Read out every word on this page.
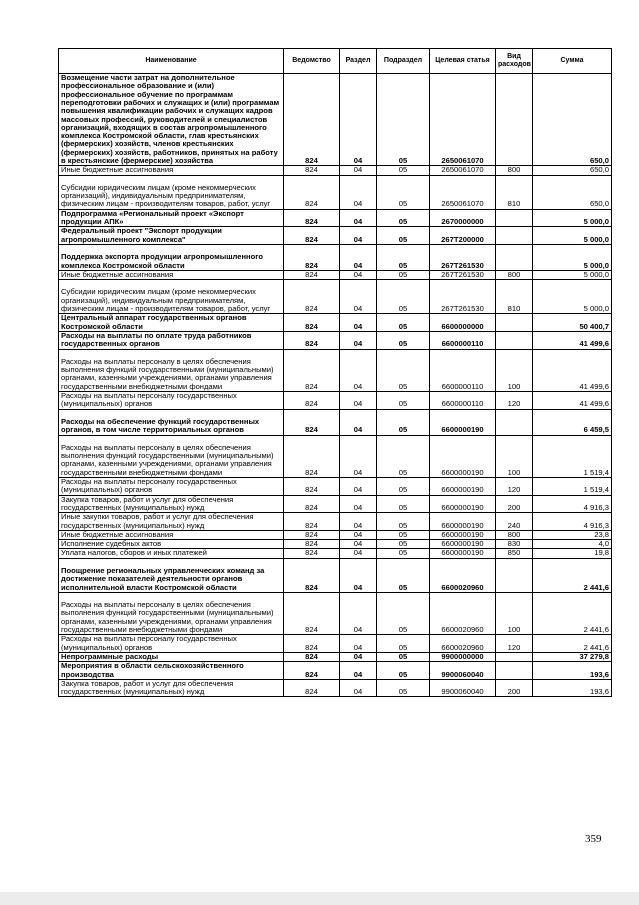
Наименование	Ведомство	Раздел	Подраздел	Целевая статья	Вид расходов	Сумма
Возмещение части затрат на дополнительное профессиональное образование и (или) профессиональное обучение по программам переподготовки рабочих и служащих и (или) программам повышения квалификации рабочих и служащих кадров массовых профессий, руководителей и специалистов организаций, входящих в состав агропромышленного комплекса Костромской области, глав крестьянских (фермерских) хозяйств, членов крестьянских (фермерских) хозяйств, работников, принятых на работу в крестьянские (фермерские) хозяйства	824	04	05	2650061070		650,0
Иные бюджетные ассигнования	824	04	05	2650061070	800	650,0
Субсидии юридическим лицам (кроме некоммерческих организаций), индивидуальным предпринимателям, физическим лицам - производителям товаров, работ, услуг	824	04	05	2650061070	810	650,0
Подпрограмма «Региональный проект «Экспорт продукции АПК»	824	04	05	2670000000		5 000,0
Федеральный проект "Экспорт продукции агропромышленного комплекса"	824	04	05	267T200000		5 000,0
Поддержка экспорта продукции агропромышленного комплекса Костромской области	824	04	05	267T261530		5 000,0
Иные бюджетные ассигнования	824	04	05	267T261530	800	5 000,0
Субсидии юридическим лицам (кроме некоммерческих организаций), индивидуальным предпринимателям, физическим лицам - производителям товаров, работ, услуг	824	04	05	267T261530	810	5 000,0
Центральный аппарат государственных органов Костромской области	824	04	05	6600000000		50 400,7
Расходы на выплаты по оплате труда работников государственных органов	824	04	05	6600000110		41 499,6
Расходы на выплаты персоналу в целях обеспечения выполнения функций государственными (муниципальными) органами, казенными учреждениями, органами управления государственными внебюджетными фондами	824	04	05	6600000110	100	41 499,6
Расходы на выплаты персоналу государственных (муниципальных) органов	824	04	05	6600000110	120	41 499,6
Расходы на обеспечение функций государственных органов, в том числе территориальных органов	824	04	05	6600000190		6 459,5
Расходы на выплаты персоналу в целях обеспечения выполнения функций государственными (муниципальными) органами, казенными учреждениями, органами управления государственными внебюджетными фондами	824	04	05	6600000190	100	1 519,4
Расходы на выплаты персоналу государственных (муниципальных) органов	824	04	05	6600000190	120	1 519,4
Закупка товаров, работ и услуг для обеспечения государственных (муниципальных) нужд	824	04	05	6600000190	200	4 916,3
Иные закупки товаров, работ и услуг для обеспечения государственных (муниципальных) нужд	824	04	05	6600000190	240	4 916,3
Иные бюджетные ассигнования	824	04	05	6600000190	800	23,8
Исполнение судебных актов	824	04	05	6600000190	830	4,0
Уплата налогов, сборов и иных платежей	824	04	05	6600000190	850	19,8
Поощрение региональных управленческих команд за достижение показателей деятельности органов исполнительной власти Костромской области	824	04	05	6600020960		2 441,6
Расходы на выплаты персоналу в целях обеспечения выполнения функций государственными (муниципальными) органами, казенными учреждениями, органами управления государственными внебюджетными фондами	824	04	05	6600020960	100	2 441,6
Расходы на выплаты персоналу государственных (муниципальных) органов	824	04	05	6600020960	120	2 441,6
Непрограммные расходы	824	04	05	9900000000		37 279,8
Мероприятия в области сельскохозяйственного производства	824	04	05	9900060040		193,6
Закупка товаров, работ и услуг для обеспечения государственных (муниципальных) нужд	824	04	05	9900060040	200	193,6
359
